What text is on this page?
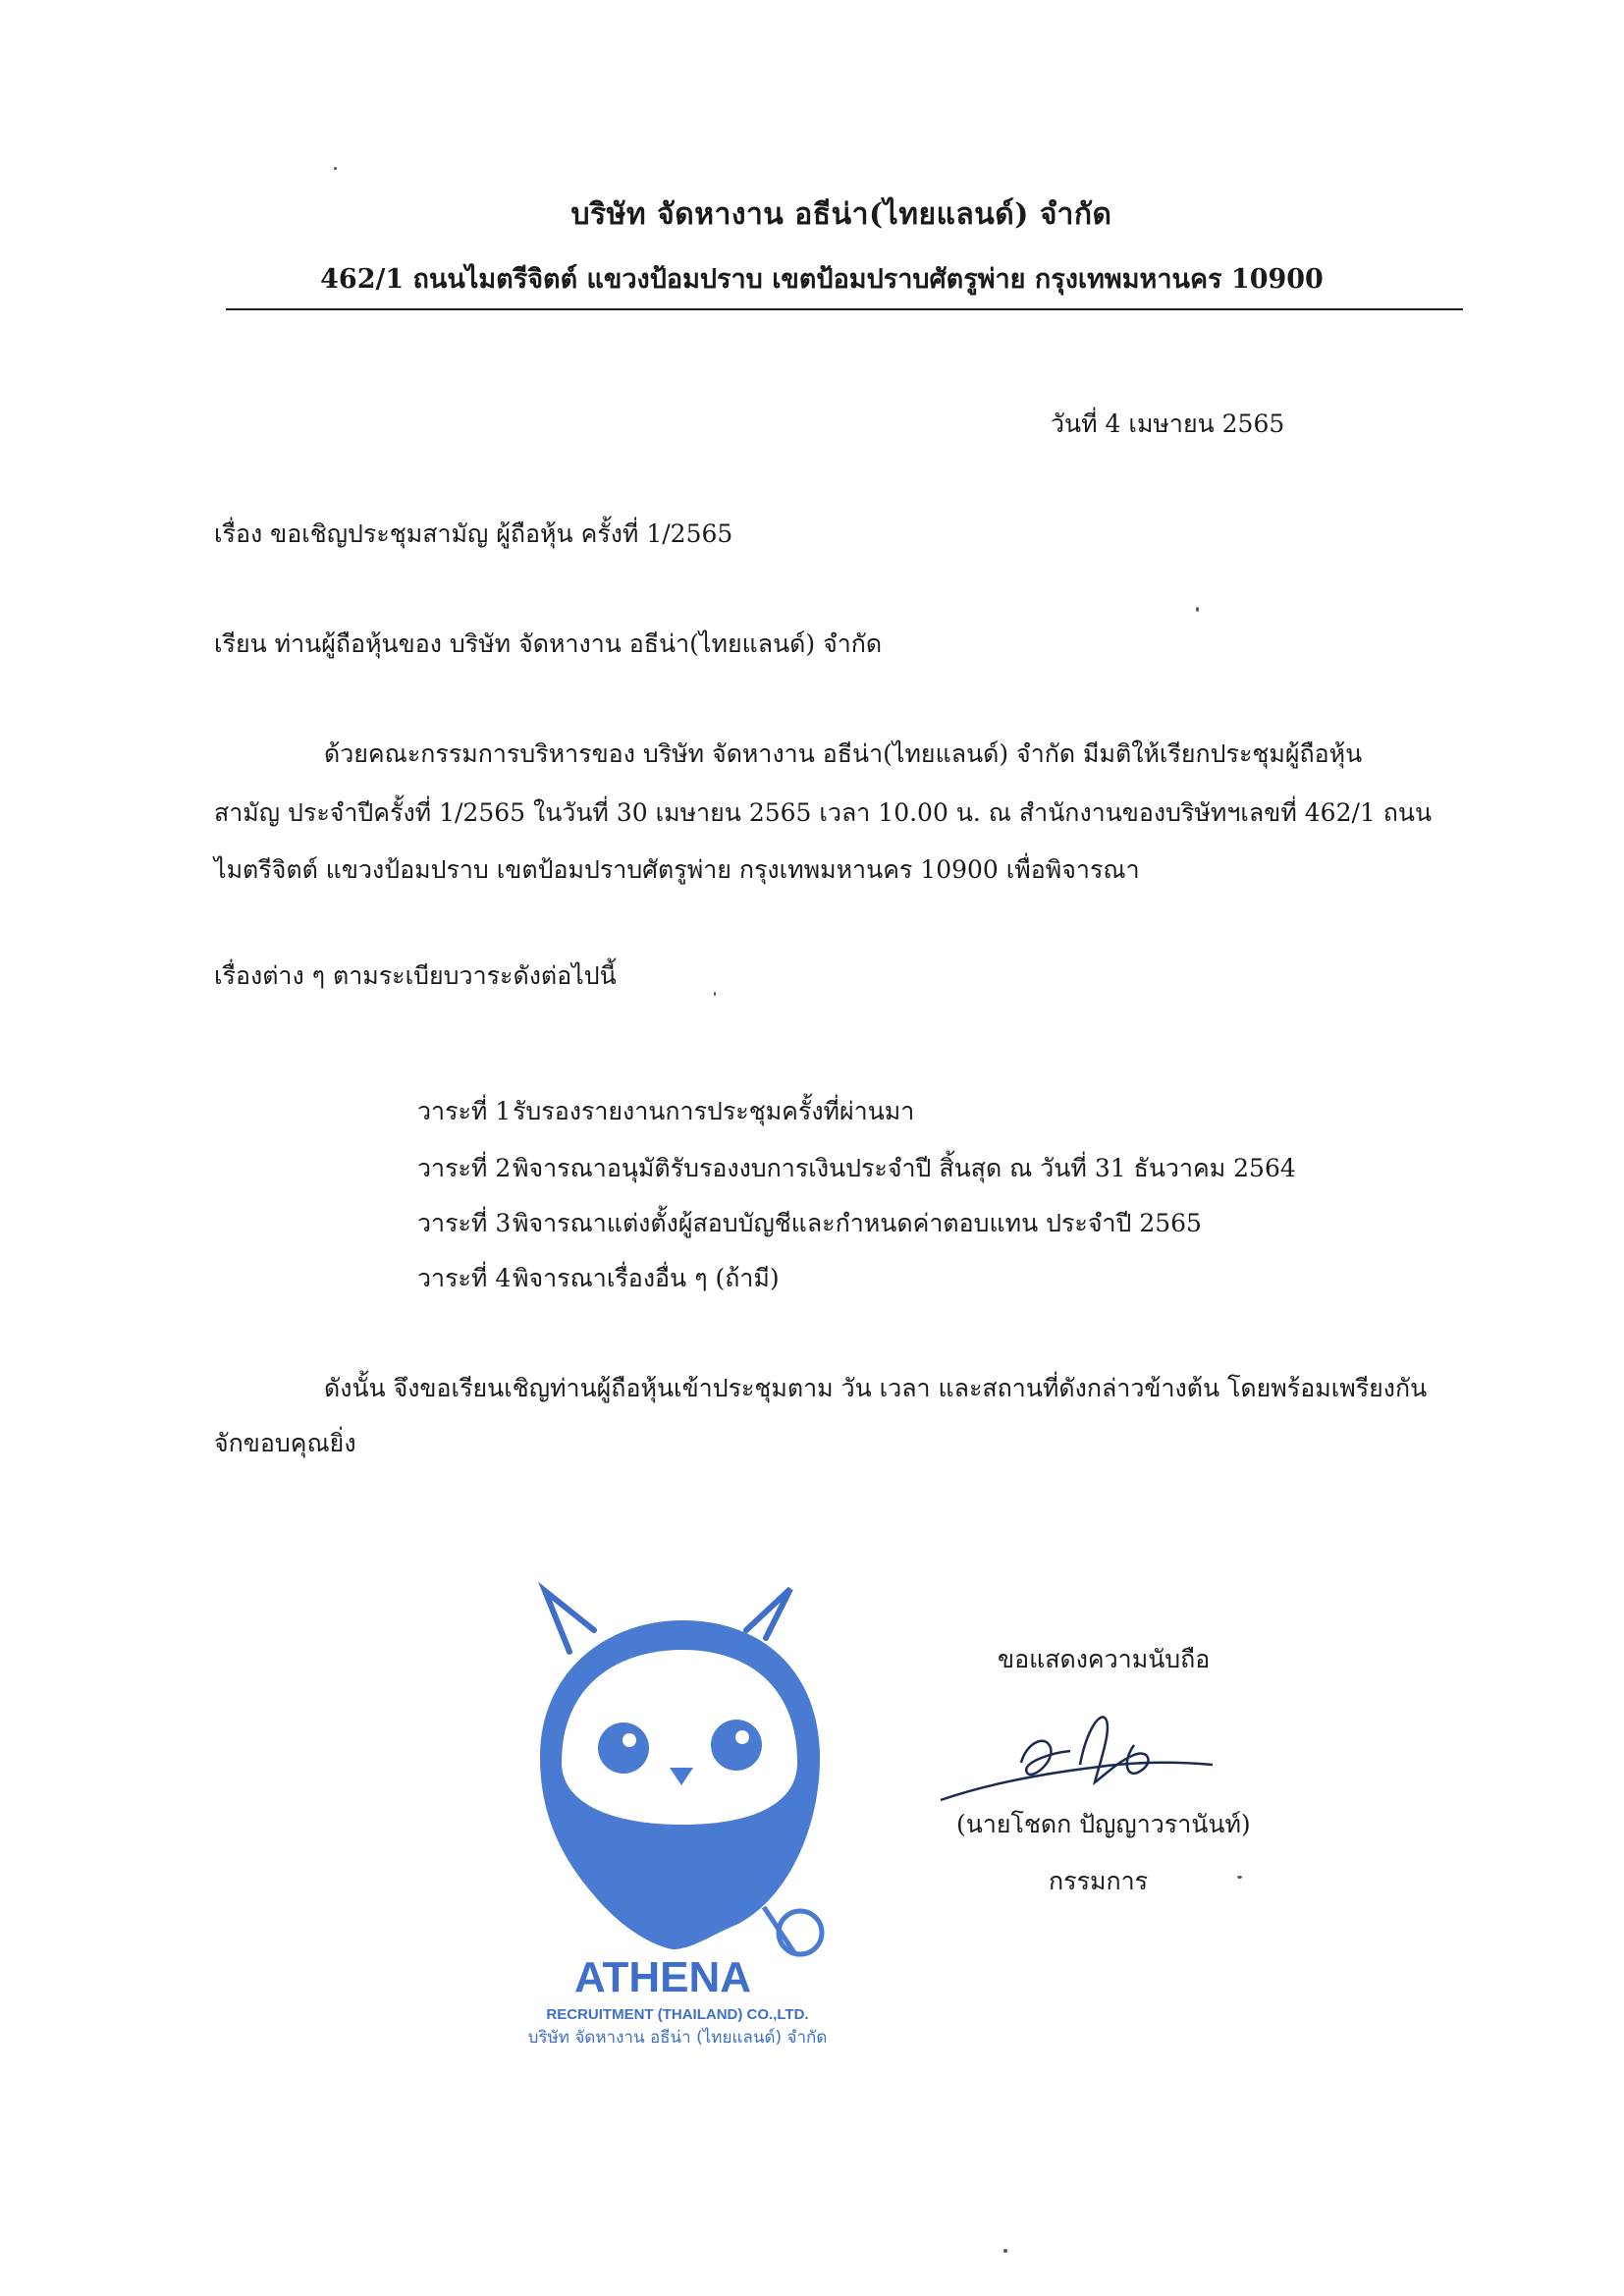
บริษัท จัดหางาน อธีน่า(ไทยแลนด์) จำกัด
462/1 ถนนไมตรีจิตต์ แขวงป้อมปราบ เขตป้อมปราบศัตรูพ่าย กรุงเทพมหานคร 10900
วันที่ 4 เมษายน 2565
เรื่อง ขอเชิญประชุมสามัญ ผู้ถือหุ้น ครั้งที่ 1/2565
เรียน ท่านผู้ถือหุ้นของ บริษัท จัดหางาน อธีน่า(ไทยแลนด์) จำกัด
ด้วยคณะกรรมการบริหารของ บริษัท จัดหางาน อธีน่า(ไทยแลนด์) จำกัด มีมติให้เรียกประชุมผู้ถือหุ้น
สามัญ ประจำปีครั้งที่ 1/2565 ในวันที่ 30 เมษายน 2565 เวลา 10.00 น. ณ สำนักงานของบริษัทฯเลขที่ 462/1 ถนน
ไมตรีจิตต์ แขวงป้อมปราบ เขตป้อมปราบศัตรูพ่าย กรุงเทพมหานคร 10900 เพื่อพิจารณา
เรื่องต่าง ๆ ตามระเบียบวาระดังต่อไปนี้
วาระที่ 1 รับรองรายงานการประชุมครั้งที่ผ่านมา
วาระที่ 2 พิจารณาอนุมัติรับรองงบการเงินประจำปี สิ้นสุด ณ วันที่ 31 ธันวาคม 2564
วาระที่ 3 พิจารณาแต่งตั้งผู้สอบบัญชีและกำหนดค่าตอบแทน ประจำปี 2565
วาระที่ 4 พิจารณาเรื่องอื่น ๆ (ถ้ามี)
ดังนั้น จึงขอเรียนเชิญท่านผู้ถือหุ้นเข้าประชุมตาม วัน เวลา และสถานที่ดังกล่าวข้างต้น โดยพร้อมเพรียงกัน
จักขอบคุณยิ่ง
ATHENA
RECRUITMENT (THAILAND) CO.,LTD.
บริษัท จัดหางาน อธีน่า (ไทยแลนด์) จำกัด
ขอแสดงความนับถือ
(นายโชดก ปัญญาวรานันท์)
กรรมการ
